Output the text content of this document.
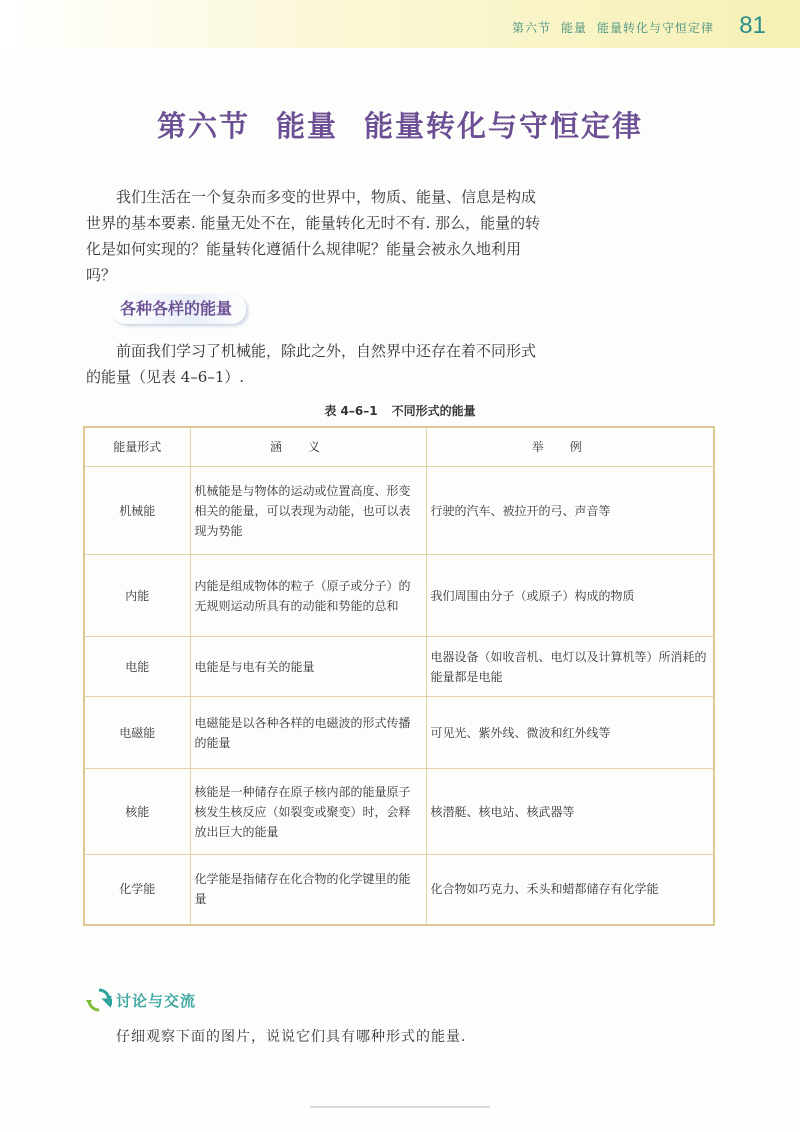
第六节 能量 能量转化与守恒定律 81
第六节 能量 能量转化与守恒定律
我们生活在一个复杂而多变的世界中，物质、能量、信息是构成世界的基本要素. 能量无处不在，能量转化无时不有. 那么，能量的转化是如何实现的？能量转化遵循什么规律呢？能量会被永久地利用吗？
各种各样的能量
前面我们学习了机械能，除此之外，自然界中还存在着不同形式的能量（见表 4–6–1）.
表 4–6–1 不同形式的能量
能量形式	涵义	举例
机械能	机械能是与物体的运动或位置高度、形变相关的能量，可以表现为动能，也可以表现为势能	行驶的汽车、被拉开的弓、声音等
内能	内能是组成物体的粒子（原子或分子）的无规则运动所具有的动能和势能的总和	我们周围由分子（或原子）构成的物质
电能	电能是与电有关的能量	电器设备（如收音机、电灯以及计算机等）所消耗的能量都是电能
电磁能	电磁能是以各种各样的电磁波的形式传播的能量	可见光、紫外线、微波和红外线等
核能	核能是一种储存在原子核内部的能量原子核发生核反应（如裂变或聚变）时，会释放出巨大的能量	核潜艇、核电站、核武器等
化学能	化学能是指储存在化合物的化学键里的能量	化合物如巧克力、禾头和蜡都储存有化学能
讨论与交流
仔细观察下面的图片，说说它们具有哪种形式的能量.
